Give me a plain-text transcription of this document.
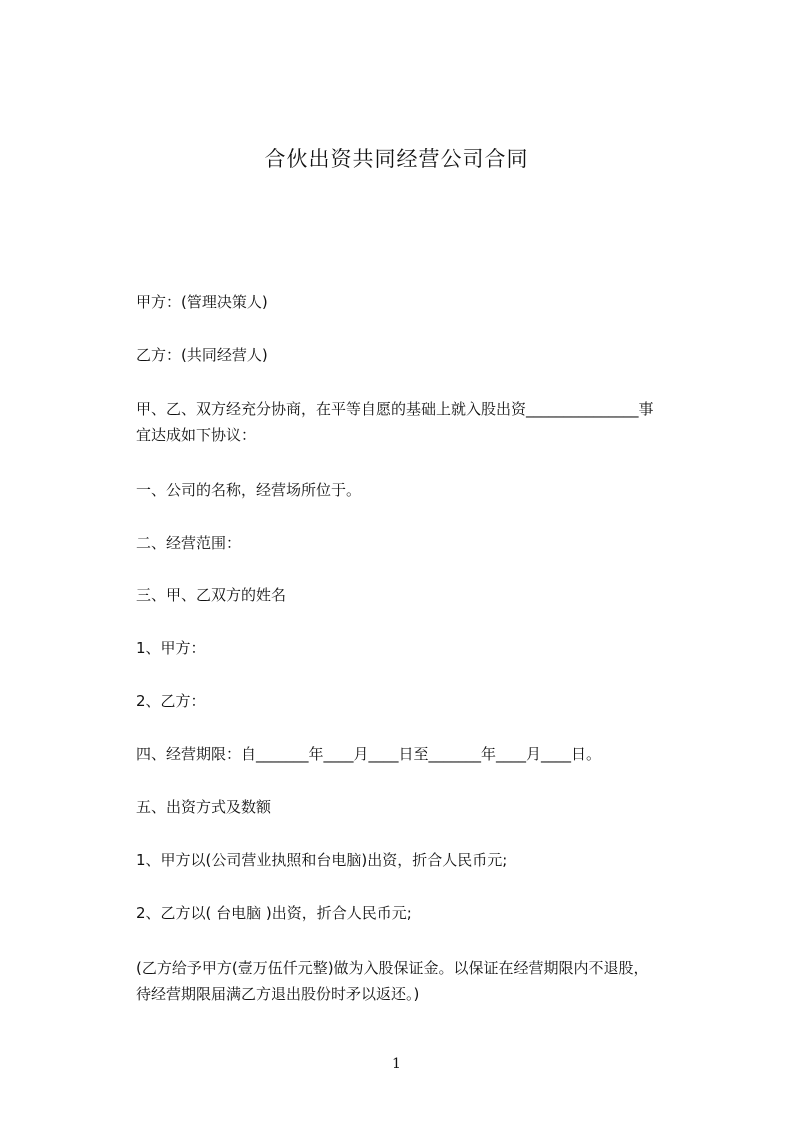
合伙出资共同经营公司合同
甲方：(管理决策人)
乙方：(共同经营人)
甲、乙、双方经充分协商，在平等自愿的基础上就入股出资_______________事
宜达成如下协议：
一、公司的名称，经营场所位于。
二、经营范围：
三、甲、乙双方的姓名
1、甲方：
2、乙方：
四、经营期限：自_______年____月____日至_______年____月____日。
五、出资方式及数额
1、甲方以(公司营业执照和台电脑)出资，折合人民币元;
2、乙方以( 台电脑 )出资，折合人民币元;
(乙方给予甲方(壹万伍仟元整)做为入股保证金。以保证在经营期限内不退股，
待经营期限届满乙方退出股份时矛以返还。)
1
